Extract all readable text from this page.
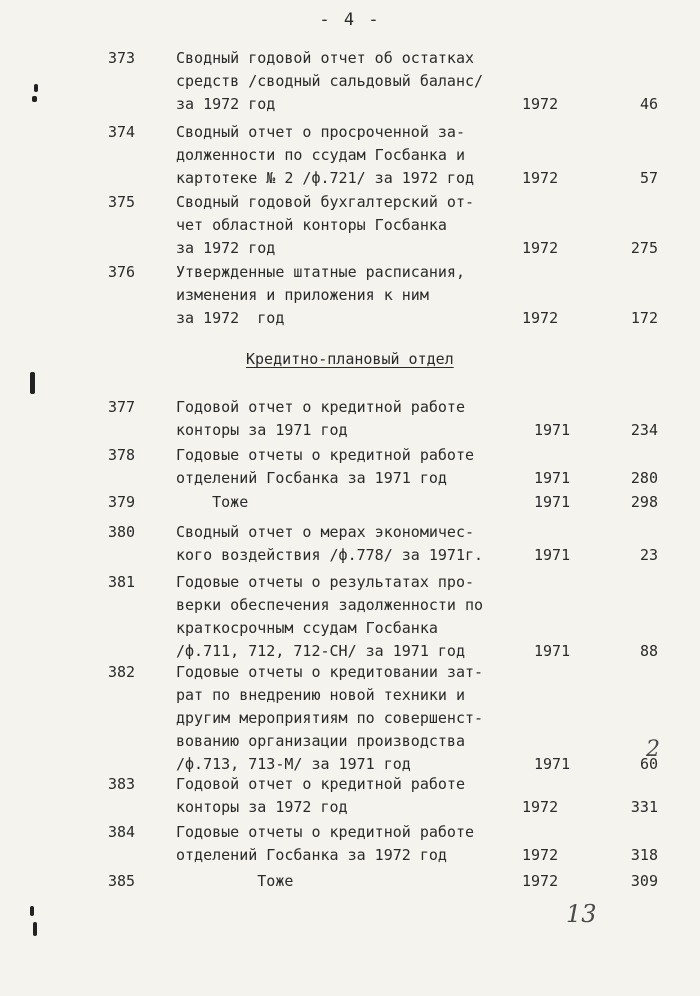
- 4 -
Кредитно-плановый отдел
373	Сводный годовой отчет об остатках
средств /сводный сальдовый баланс/
за 1972 год	1972	46
374	Сводный отчет о просроченной за-
долженности по ссудам Госбанка и
картотеке № 2 /ф.721/ за 1972 год	1972	57
375	Сводный годовой бухгалтерский от-
чет областной конторы Госбанка
за 1972 год	1972	275
376	Утвержденные штатные расписания,
изменения и приложения к ним
за 1972  год	1972	172
377	Годовой отчет о кредитной работе
конторы за 1971 год	1971	234
378	Годовые отчеты о кредитной работе
отделений Госбанка за 1971 год	1971	280
379	Тоже	1971	298
380	Сводный отчет о мерах экономичес-
кого воздействия /ф.778/ за 1971г.	1971	23
381	Годовые отчеты о результатах про-
верки обеспечения задолженности по
краткосрочным ссудам Госбанка
/ф.711, 712, 712-СН/ за 1971 год	1971	88
382	Годовые отчеты о кредитовании зат-
рат по внедрению новой техники и
другим мероприятиям по совершенст-
вованию организации производства
/ф.713, 713-М/ за 1971 год	1971	60
383	Годовой отчет о кредитной работе
конторы за 1972 год	1972	331
384	Годовые отчеты о кредитной работе
отделений Госбанка за 1972 год	1972	318
385	Тоже	1972	309
2
13
